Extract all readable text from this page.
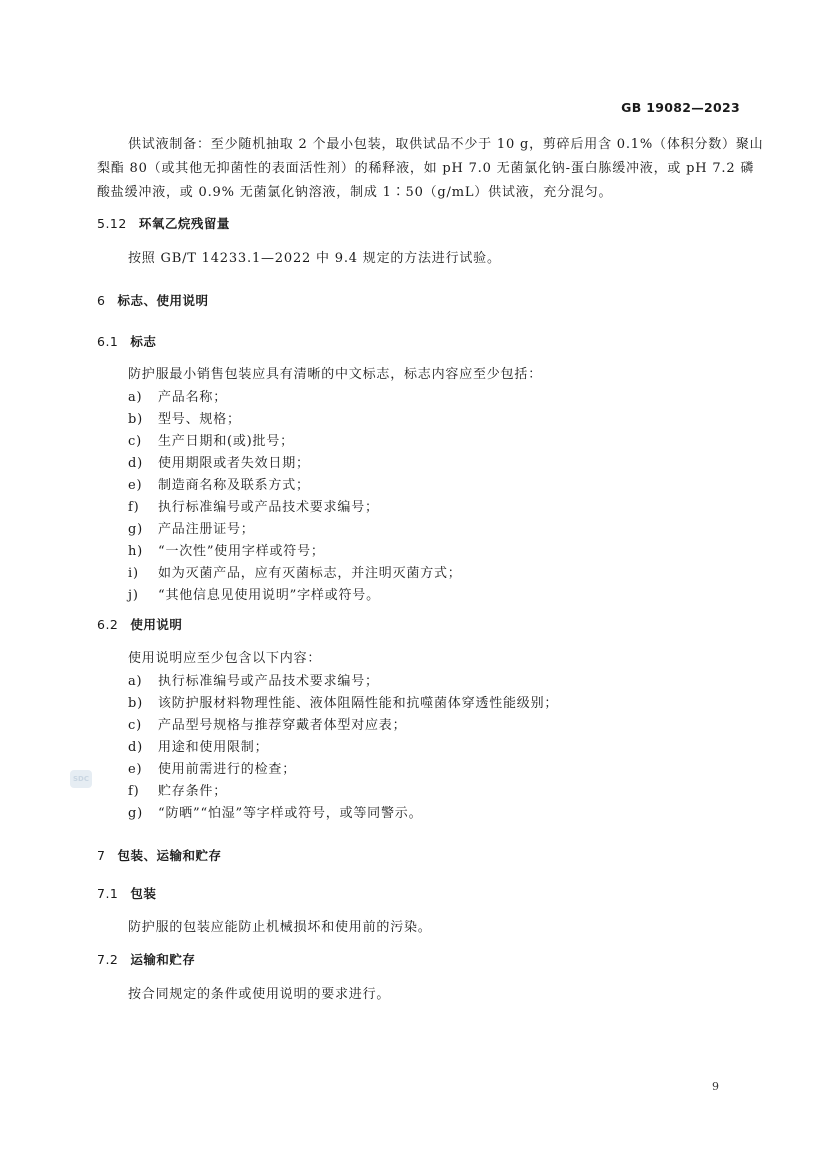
GB 19082—2023
供试液制备：至少随机抽取 2 个最小包装，取供试品不少于 10 g，剪碎后用含 0.1%（体积分数）聚山
梨酯 80（或其他无抑菌性的表面活性剂）的稀释液，如 pH 7.0 无菌氯化钠-蛋白胨缓冲液，或 pH 7.2 磷
酸盐缓冲液，或 0.9% 无菌氯化钠溶液，制成 1∶50（g/mL）供试液，充分混匀。
5.12 环氧乙烷残留量
按照 GB/T 14233.1—2022 中 9.4 规定的方法进行试验。
6 标志、使用说明
6.1 标志
防护服最小销售包装应具有清晰的中文标志，标志内容应至少包括：
a) 产品名称；
b) 型号、规格；
c) 生产日期和(或)批号；
d) 使用期限或者失效日期；
e) 制造商名称及联系方式；
f) 执行标准编号或产品技术要求编号；
g) 产品注册证号；
h) “一次性”使用字样或符号；
i) 如为灭菌产品，应有灭菌标志，并注明灭菌方式；
j) “其他信息见使用说明”字样或符号。
6.2 使用说明
使用说明应至少包含以下内容：
a) 执行标准编号或产品技术要求编号；
b) 该防护服材料物理性能、液体阻隔性能和抗噬菌体穿透性能级别；
c) 产品型号规格与推荐穿戴者体型对应表；
d) 用途和使用限制；
e) 使用前需进行的检查；
f) 贮存条件；
g) “防晒”“怕湿”等字样或符号，或等同警示。
7 包装、运输和贮存
7.1 包装
防护服的包装应能防止机械损坏和使用前的污染。
7.2 运输和贮存
按合同规定的条件或使用说明的要求进行。
9
SDC
